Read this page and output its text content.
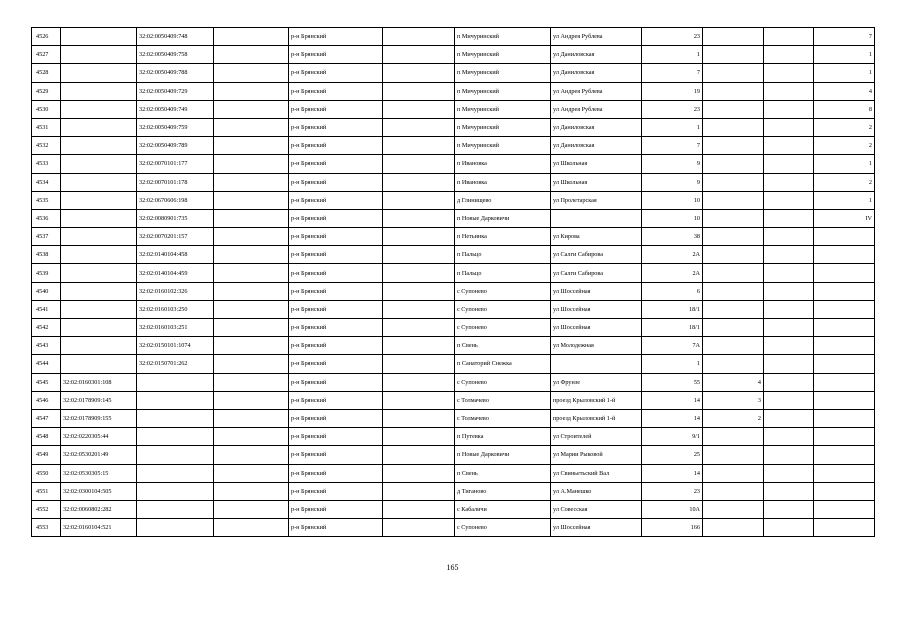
4526		32:02:0050409:748		р-н Брянский		п Мичуринский	ул Андрея Рублева	23			7
4527		32:02:0050409:758		р-н Брянский		п Мичуринский	ул Даниловская	1			1
4528		32:02:0050409:788		р-н Брянский		п Мичуринский	ул Даниловская	7			1
4529		32:02:0050409:729		р-н Брянский		п Мичуринский	ул Андрея Рублева	19			4
4530		32:02:0050409:749		р-н Брянский		п Мичуринский	ул Андрея Рублева	23			8
4531		32:02:0050409:759		р-н Брянский		п Мичуринский	ул Даниловская	1			2
4532		32:02:0050409:789		р-н Брянский		п Мичуринский	ул Даниловская	7			2
4533		32:02:0070101:177		р-н Брянский		п Ивановка	ул Школьная	9			1
4534		32:02:0070101:178		р-н Брянский		п Ивановка	ул Школьная	9			2
4535		32:02:0670606:198		р-н Брянский		д Глинищево	ул Пролетарская	10			1
4536		32:02:0080901:735		р-н Брянский		п Новые Дарковичи		10			IV
4537		32:02:0070201:157		р-н Брянский		п Нетьинка	ул Кирова	38			
4538		32:02:0140104:458		р-н Брянский		п Пальцо	ул Салги Сабирова	2А			
4539		32:02:0140104:459		р-н Брянский		п Пальцо	ул Салги Сабирова	2А			
4540		32:02:0160102:326		р-н Брянский		с Супонево	ул Шоссейная	6			
4541		32:02:0160103:250		р-н Брянский		с Супонево	ул Шоссейная	18/1			
4542		32:02:0160103:251		р-н Брянский		с Супонево	ул Шоссейная	18/1			
4543		32:02:0150101:1074		р-н Брянский		п Свень	ул Молодежная	7А			
4544		32:02:0150701:262		р-н Брянский		п Санаторий Снежка		1			
4545	32:02:0160301:108			р-н Брянский		с Супонево	ул Фрунзе	55	4		
4546	32:02:0178909:145			р-н Брянский		с Толмачево	проезд Крыловский 1-й	14	3		
4547	32:02:0178909:155			р-н Брянский		с Толмачево	проезд Крыловский 1-й	14	2		
4548	32:02:0220305:44			р-н Брянский		п Путевка	ул Строителей	9/1			
4549	32:02:0530201:49			р-н Брянский		п Новые Дарковичи	ул Марии Рыковой	25			
4550	32:02:0530305:15			р-н Брянский		п Свень	ул Свиньетьский Вал	14			
4551	32:02:0300104:505			р-н Брянский		д Тиганово	ул А.Манешко	23			
4552	32:02:0060802:282			р-н Брянский		с Кабаличи	ул Совесская	10А			
4553	32:02:0160104:521			р-н Брянский		с Супонево	ул Шоссейная	166			
165
